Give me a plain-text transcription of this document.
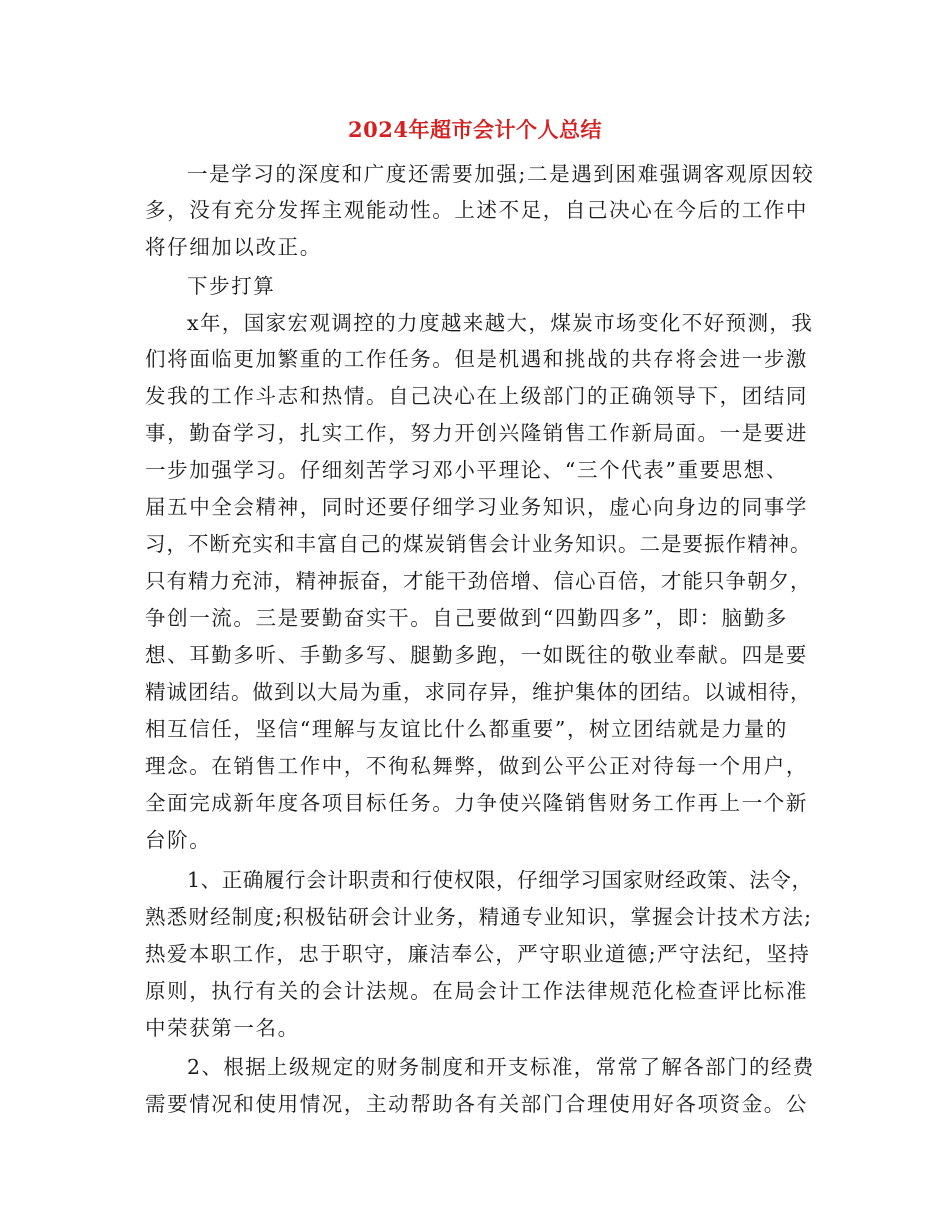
2024年超市会计个人总结
一是学习的深度和广度还需要加强;二是遇到困难强调客观原因较
多，没有充分发挥主观能动性。上述不足，自己决心在今后的工作中
将仔细加以改正。
下步打算
x年，国家宏观调控的力度越来越大，煤炭市场变化不好预测，我
们将面临更加繁重的工作任务。但是机遇和挑战的共存将会进一步激
发我的工作斗志和热情。自己决心在上级部门的正确领导下，团结同
事，勤奋学习，扎实工作，努力开创兴隆销售工作新局面。一是要进
一步加强学习。仔细刻苦学习邓小平理论、“三个代表”重要思想、
届五中全会精神，同时还要仔细学习业务知识，虚心向身边的同事学
习，不断充实和丰富自己的煤炭销售会计业务知识。二是要振作精神。
只有精力充沛，精神振奋，才能干劲倍增、信心百倍，才能只争朝夕，
争创一流。三是要勤奋实干。自己要做到“四勤四多”，即：脑勤多
想、耳勤多听、手勤多写、腿勤多跑，一如既往的敬业奉献。四是要
精诚团结。做到以大局为重，求同存异，维护集体的团结。以诚相待，
相互信任，坚信“理解与友谊比什么都重要”，树立团结就是力量的
理念。在销售工作中，不徇私舞弊，做到公平公正对待每一个用户，
全面完成新年度各项目标任务。力争使兴隆销售财务工作再上一个新
台阶。
1、正确履行会计职责和行使权限，仔细学习国家财经政策、法令，
熟悉财经制度;积极钻研会计业务，精通专业知识，掌握会计技术方法;
热爱本职工作，忠于职守，廉洁奉公，严守职业道德;严守法纪，坚持
原则，执行有关的会计法规。在局会计工作法律规范化检查评比标准
中荣获第一名。
2、根据上级规定的财务制度和开支标准，常常了解各部门的经费
需要情况和使用情况，主动帮助各有关部门合理使用好各项资金。公
